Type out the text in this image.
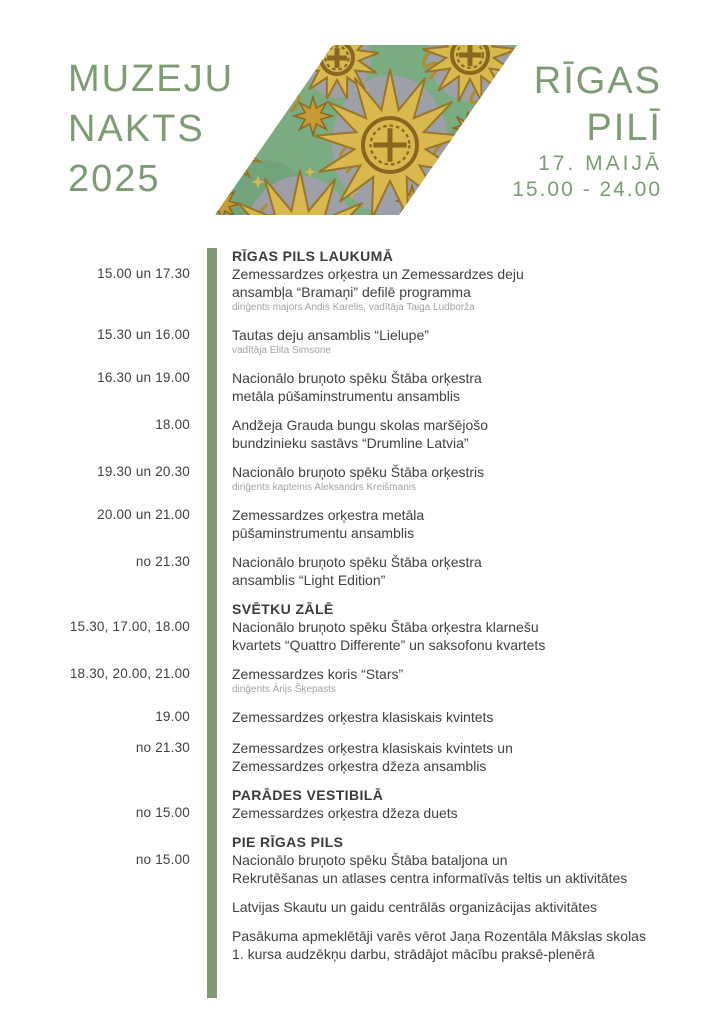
MUZEJU
NAKTS
2025
RĪGAS
PILĪ
17. MAIJĀ
15.00 - 24.00
RĪGAS PILS LAUKUMĀ
15.00 un 17.30	Zemessardzes orķestra un Zemessardzes deju
ansambļa “Bramaņi” defilē programma
diriģents majors Andis Karelis, vadītāja Taiga Ludborža
15.30 un 16.00	Tautas deju ansamblis “Lielupe”
vadītāja Elita Simsone
16.30 un 19.00	Nacionālo bruņoto spēku Štāba orķestra
metāla pūšaminstrumentu ansamblis
18.00	Andžeja Grauda bungu skolas maršējošo
bundzinieku sastāvs “Drumline Latvia”
19.30 un 20.30	Nacionālo bruņoto spēku Štāba orķestris
diriģents kapteinis Aleksandrs Kreišmanis
20.00 un 21.00	Zemessardzes orķestra metāla
pūšaminstrumentu ansamblis
no 21.30	Nacionālo bruņoto spēku Štāba orķestra
ansamblis “Light Edition”
SVĒTKU ZĀLĒ
15.30, 17.00, 18.00	Nacionālo bruņoto spēku Štāba orķestra klarnešu
kvartets “Quattro Differente” un saksofonu kvartets
18.30, 20.00, 21.00	Zemessardzes koris “Stars”
diriģents Ārijs Šķepasts
19.00	Zemessardzes orķestra klasiskais kvintets
no 21.30	Zemessardzes orķestra klasiskais kvintets un
Zemessardzes orķestra džeza ansamblis
PARĀDES VESTIBILĀ
no 15.00	Zemessardzes orķestra džeza duets
PIE RĪGAS PILS
no 15.00	Nacionālo bruņoto spēku Štāba bataljona un
Rekrutēšanas un atlases centra informatīvās teltis un aktivitātes
Latvijas Skautu un gaidu centrālās organizācijas aktivitātes
Pasākuma apmeklētāji varēs vērot Jaņa Rozentāla Mākslas skolas
1. kursa audzēkņu darbu, strādājot mācību praksē-plenērā
